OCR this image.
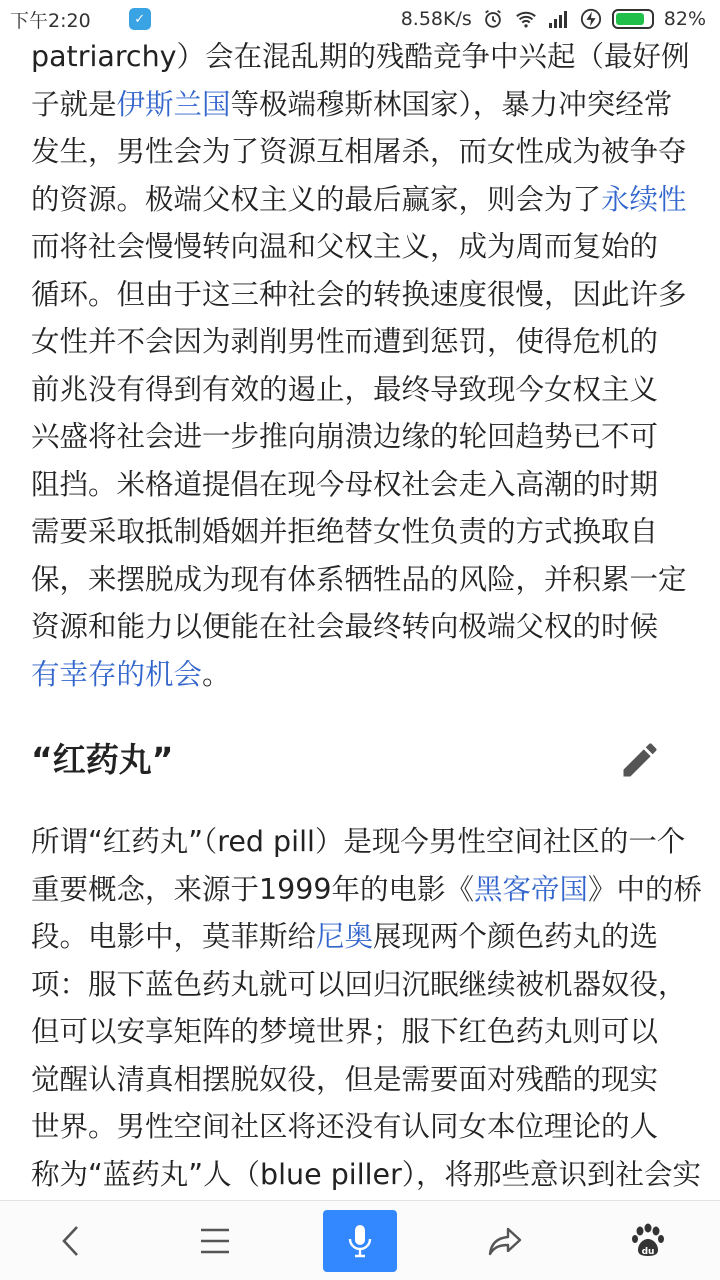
patriarchy）会在混乱期的残酷竞争中兴起（最好例
子就是伊斯兰国等极端穆斯林国家），暴力冲突经常
发生，男性会为了资源互相屠杀，而女性成为被争夺
的资源。极端父权主义的最后赢家，则会为了永续性
而将社会慢慢转向温和父权主义，成为周而复始的
循环。但由于这三种社会的转换速度很慢，因此许多
女性并不会因为剥削男性而遭到惩罚，使得危机的
前兆没有得到有效的遏止，最终导致现今女权主义
兴盛将社会进一步推向崩溃边缘的轮回趋势已不可
阻挡。米格道提倡在现今母权社会走入高潮的时期
需要采取抵制婚姻并拒绝替女性负责的方式换取自
保，来摆脱成为现有体系牺牲品的风险，并积累一定
资源和能力以便能在社会最终转向极端父权的时候
有幸存的机会。
“红药丸”
所谓“红药丸”（red pill）是现今男性空间社区的一个
重要概念，来源于1999年的电影《黑客帝国》中的桥
段。电影中，莫菲斯给尼奥展现两个颜色药丸的选
项：服下蓝色药丸就可以回归沉眠继续被机器奴役，
但可以安享矩阵的梦境世界；服下红色药丸则可以
觉醒认清真相摆脱奴役，但是需要面对残酷的现实
世界。男性空间社区将还没有认同女本位理论的人
称为“蓝药丸”人（blue piller），将那些意识到社会实
下午2:20	✓	8.58K/s	82%
du
